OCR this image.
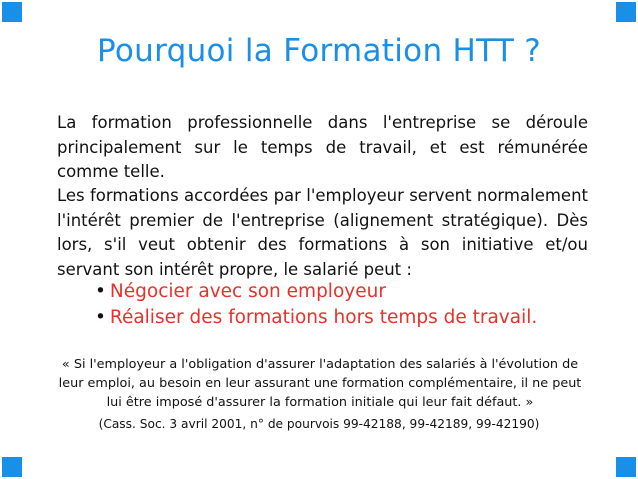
Pourquoi la Formation HTT ?
La formation professionnelle dans l'entreprise se déroule principalement sur le temps de travail, et est rémunérée comme telle.
Les formations accordées par l'employeur servent normalement l'intérêt premier de l'entreprise (alignement stratégique). Dès lors, s'il veut obtenir des formations à son initiative et/ou servant son intérêt propre, le salarié peut :
• Négocier avec son employeur
• Réaliser des formations hors temps de travail.
« Si l'employeur a l'obligation d'assurer l'adaptation des salariés à l'évolution de leur emploi, au besoin en leur assurant une formation complémentaire, il ne peut lui être imposé d'assurer la formation initiale qui leur fait défaut. »
(Cass. Soc. 3 avril 2001, n° de pourvois 99-42188, 99-42189, 99-42190)
